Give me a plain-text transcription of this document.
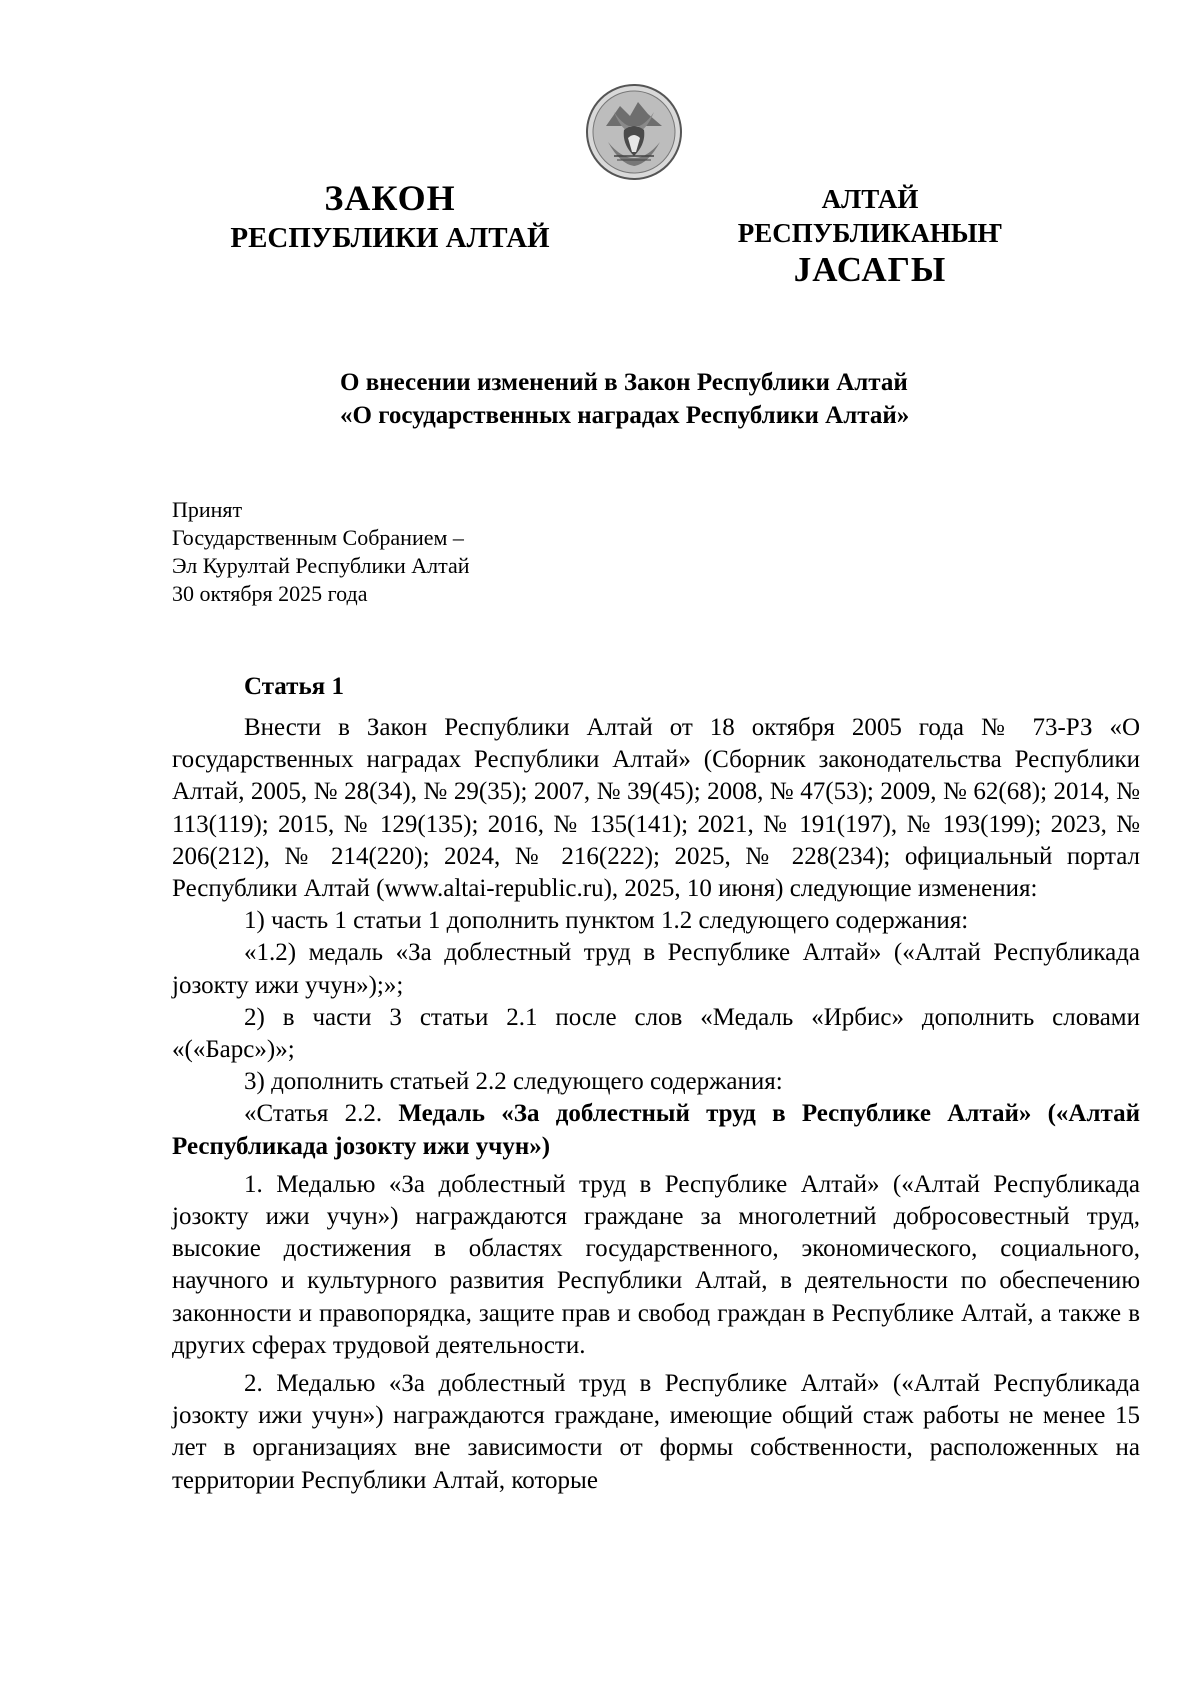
ЗАКОН
РЕСПУБЛИКИ АЛТАЙ
АЛТАЙ РЕСПУБЛИКАНЫҤ
JАСАГЫ
О внесении изменений в Закон Республики Алтай
«О государственных наградах Республики Алтай»
Принят
Государственным Собранием –
Эл Курултай Республики Алтай
30 октября 2025 года
Статья 1

Внести в Закон Республики Алтай от 18 октября 2005 года № 73-РЗ «О государственных наградах Республики Алтай» (Сборник законодательства Республики Алтай, 2005, № 28(34), № 29(35); 2007, № 39(45); 2008, № 47(53); 2009, № 62(68); 2014, № 113(119); 2015, № 129(135); 2016, № 135(141); 2021, № 191(197), № 193(199); 2023, № 206(212), № 214(220); 2024, № 216(222); 2025, № 228(234); официальный портал Республики Алтай (www.altai-republic.ru), 2025, 10 июня) следующие изменения:

1) часть 1 статьи 1 дополнить пунктом 1.2 следующего содержания:

«1.2) медаль «За доблестный труд в Республике Алтай» («Алтай Республикада јозокту ижи учун»);»;

2) в части 3 статьи 2.1 после слов «Медаль «Ирбис» дополнить словами «(«Барс»)»;

3) дополнить статьей 2.2 следующего содержания:

«Статья 2.2. Медаль «За доблестный труд в Республике Алтай» («Алтай Республикада јозокту ижи учун»)

1. Медалью «За доблестный труд в Республике Алтай» («Алтай Республикада јозокту ижи учун») награждаются граждане за многолетний добросовестный труд, высокие достижения в областях государственного, экономического, социального, научного и культурного развития Республики Алтай, в деятельности по обеспечению законности и правопорядка, защите прав и свобод граждан в Республике Алтай, а также в других сферах трудовой деятельности.

2. Медалью «За доблестный труд в Республике Алтай» («Алтай Республикада јозокту ижи учун») награждаются граждане, имеющие общий стаж работы не менее 15 лет в организациях вне зависимости от формы собственности, расположенных на территории Республики Алтай, которые
